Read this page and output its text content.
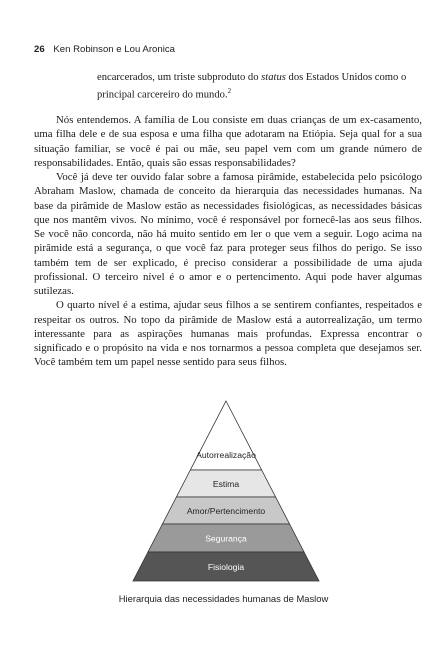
26 Ken Robinson e Lou Aronica
encarcerados, um triste subproduto do status dos Estados Unidos como o principal carcereiro do mundo.$^2$

Nós entendemos. A família de Lou consiste em duas crianças de um ex-casamento, uma filha dele e de sua esposa e uma filha que adotaram na Etiópia. Seja qual for a sua situação familiar, se você é pai ou mãe, seu papel vem com um grande número de responsabilidades. Então, quais são essas responsabilidades?

Você já deve ter ouvido falar sobre a famosa pirâmide, estabelecida pelo psicólogo Abraham Maslow, chamada de conceito da hierarquia das necessidades humanas. Na base da pirâmide de Maslow estão as necessidades fisiológicas, as necessidades básicas que nos mantêm vivos. No mínimo, você é responsável por fornecê-las aos seus filhos. Se você não concorda, não há muito sentido em ler o que vem a seguir. Logo acima na pirâmide está a segurança, o que você faz para proteger seus filhos do perigo. Se isso também tem de ser explicado, é preciso considerar a possibilidade de uma ajuda profissional. O terceiro nível é o amor e o pertencimento. Aqui pode haver algumas sutilezas.

O quarto nível é a estima, ajudar seus filhos a se sentirem confiantes, respeitados e respeitar os outros. No topo da pirâmide de Maslow está a autorrealização, um termo interessante para as aspirações humanas mais profundas. Expressa encontrar o significado e o propósito na vida e nos tornarmos a pessoa completa que desejamos ser. Você também tem um papel nesse sentido para seus filhos.

Autorrealização
Estima
Amor/Pertencimento
Segurança
Fisiologia
Hierarquia das necessidades humanas de Maslow
